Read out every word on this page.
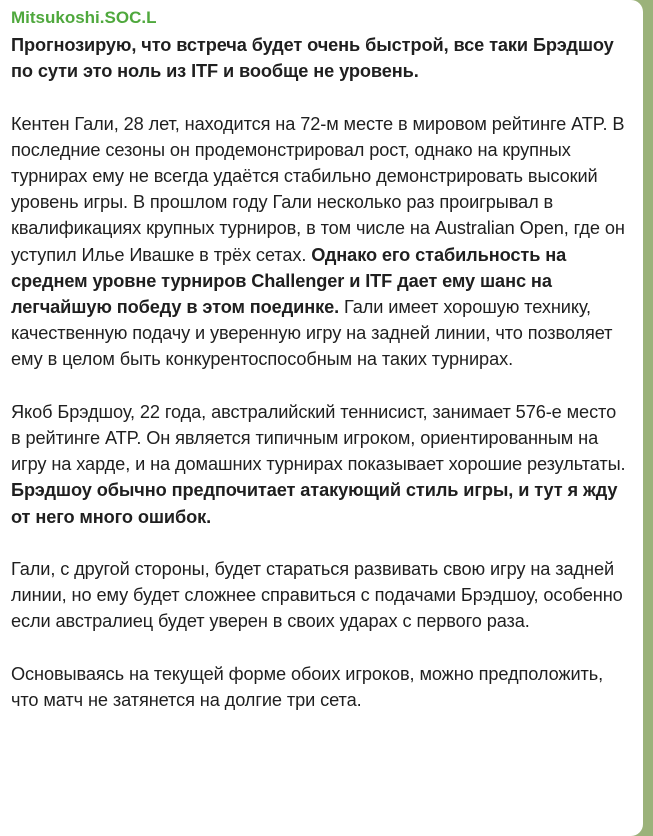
Mitsukoshi.SOC.L

Прогнозирую, что встреча будет очень быстрой, все таки Брэдшоу по сути это ноль из ITF и вообще не уровень.

Кентен Гали, 28 лет, находится на 72-м месте в мировом рейтинге ATP. В последние сезоны он продемонстрировал рост, однако на крупных турнирах ему не всегда удаётся стабильно демонстрировать высокий уровень игры. В прошлом году Гали несколько раз проигрывал в квалификациях крупных турниров, в том числе на Australian Open, где он уступил Илье Ивашке в трёх сетах. Однако его стабильность на среднем уровне турниров Challenger и ITF дает ему шанс на легчайшую победу в этом поединке. Гали имеет хорошую технику, качественную подачу и уверенную игру на задней линии, что позволяет ему в целом быть конкурентоспособным на таких турнирах.

Якоб Брэдшоу, 22 года, австралийский теннисист, занимает 576-е место в рейтинге ATP. Он является типичным игроком, ориентированным на игру на харде, и на домашних турнирах показывает хорошие результаты. Брэдшоу обычно предпочитает атакующий стиль игры, и тут я жду от него много ошибок.

Гали, с другой стороны, будет стараться развивать свою игру на задней линии, но ему будет сложнее справиться с подачами Брэдшоу, особенно если австралиец будет уверен в своих ударах с первого раза.

Основываясь на текущей форме обоих игроков, можно предположить, что матч не затянется на долгие три сета.
